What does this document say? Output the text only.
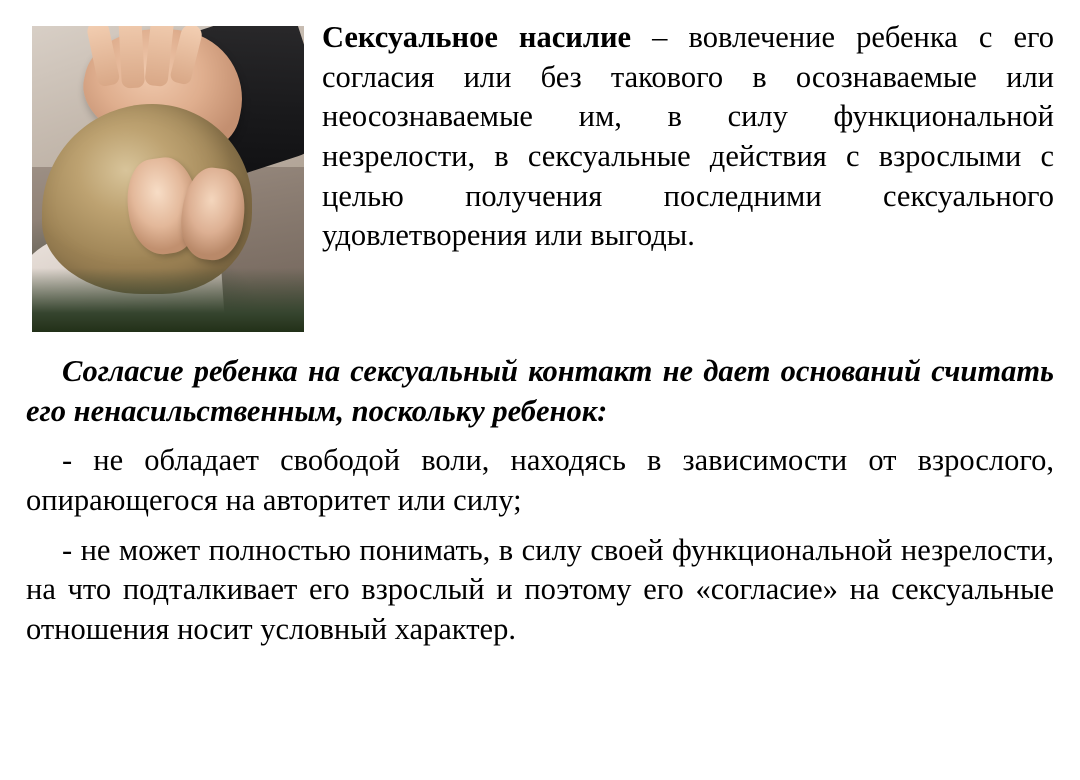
Сексуальное насилие – вовлечение ребенка с его согласия или без такового в осознаваемые или неосознаваемые им, в силу функциональной незрелости, в сексуальные действия с взрослыми с целью получения последними сексуального удовлетворения или выгоды.

Согласие ребенка на сексуальный контакт не дает оснований считать его ненасильственным, поскольку ребенок:

- не обладает свободой воли, находясь в зависимости от взрослого, опирающегося на авторитет или силу;

- не может полностью понимать, в силу своей функциональной незрелости, на что подталкивает его взрослый и поэтому его «согласие» на сексуальные отношения носит условный характер.
